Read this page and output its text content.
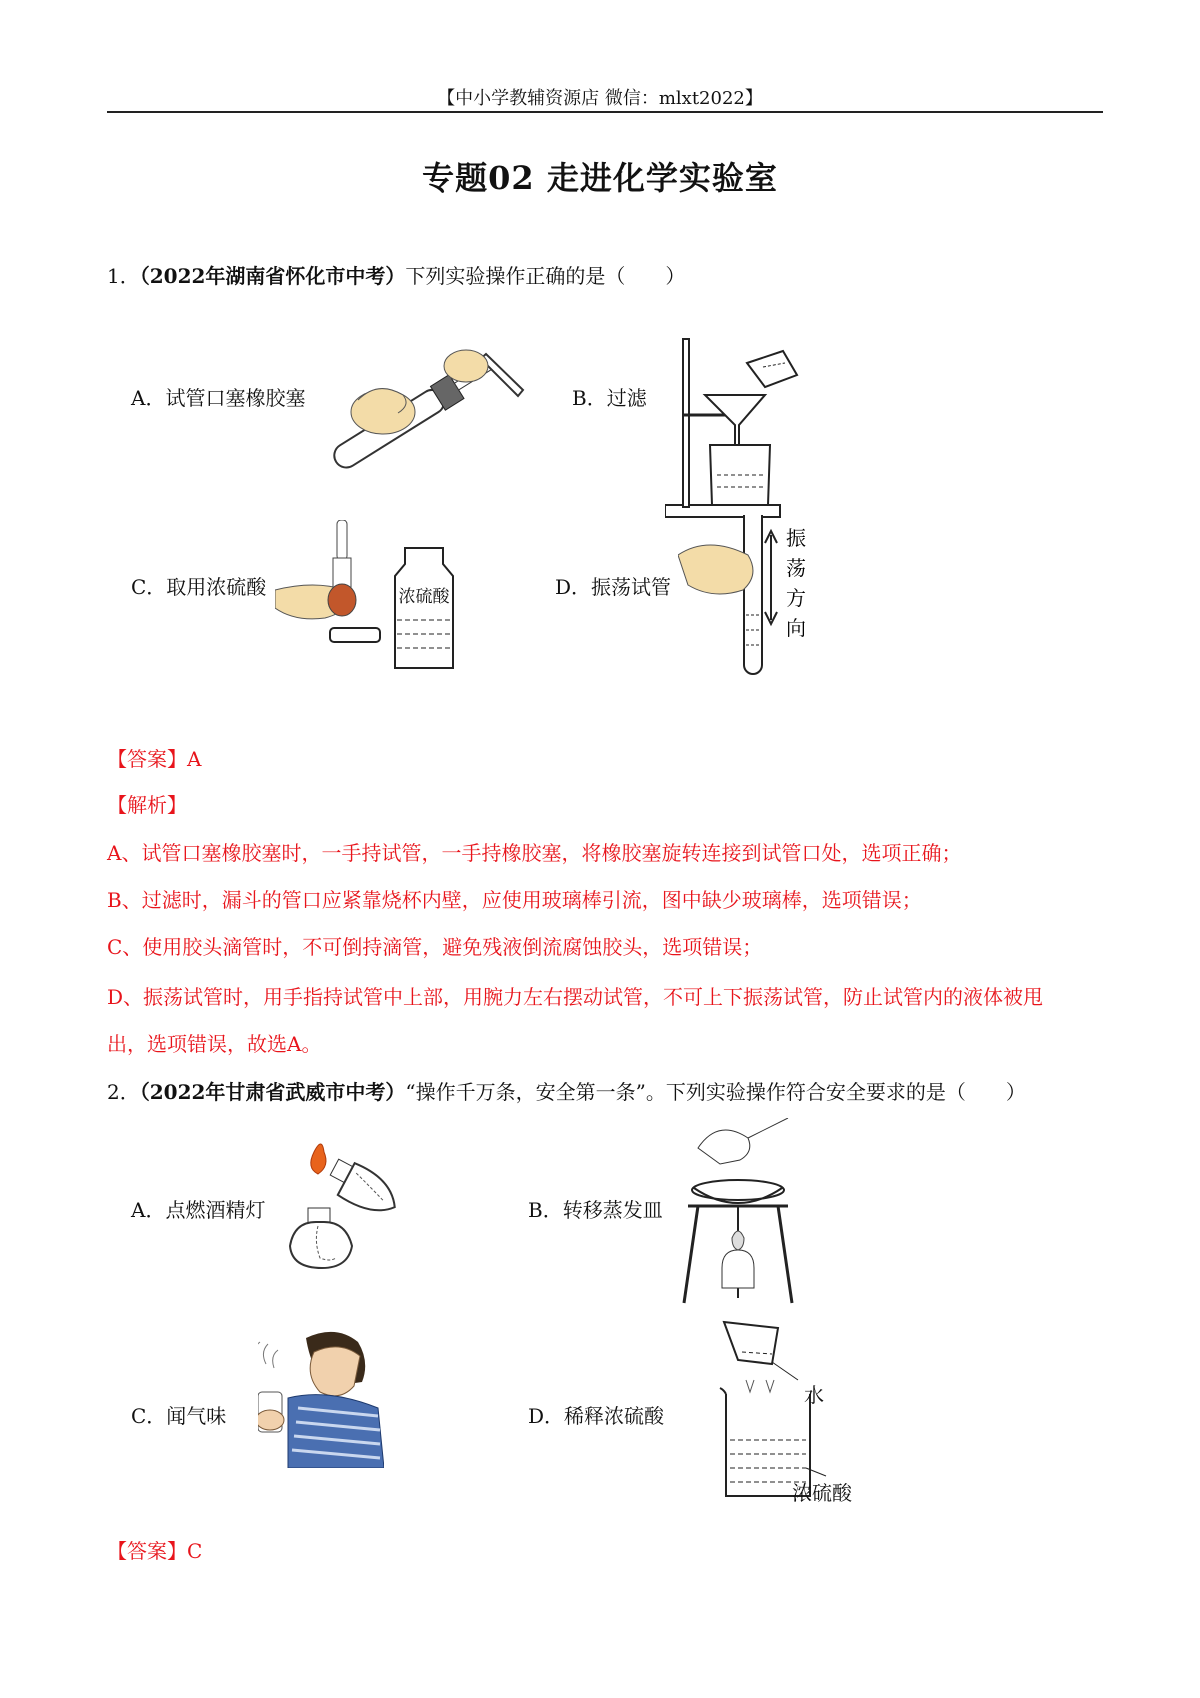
【中小学教辅资源店 微信：mlxt2022】
专题02 走进化学实验室
1．（2022年湖南省怀化市中考）下列实验操作正确的是（　　）
A．试管口塞橡胶塞	B．过滤
C．取用浓硫酸	D．振荡试管
浓硫酸
振
荡
方
向
【答案】A
【解析】
A、试管口塞橡胶塞时，一手持试管，一手持橡胶塞，将橡胶塞旋转连接到试管口处，选项正确；
B、过滤时，漏斗的管口应紧靠烧杯内壁，应使用玻璃棒引流，图中缺少玻璃棒，选项错误；
C、使用胶头滴管时，不可倒持滴管，避免残液倒流腐蚀胶头，选项错误；
D、振荡试管时，用手指持试管中上部，用腕力左右摆动试管，不可上下振荡试管，防止试管内的液体被甩
出，选项错误，故选A。
2．（2022年甘肃省武威市中考）“操作千万条，安全第一条”。下列实验操作符合安全要求的是（　　）
A．点燃酒精灯	B．转移蒸发皿
C．闻气味	D．稀释浓硫酸
水
浓硫酸
【答案】C
